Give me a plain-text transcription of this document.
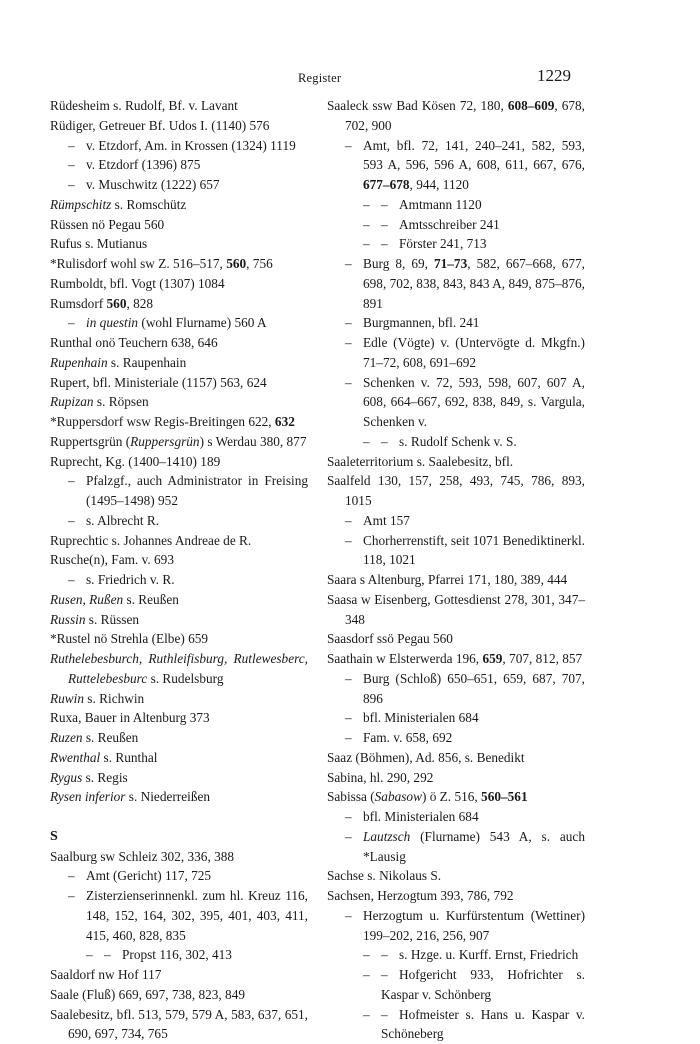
Register	1229

Rüdesheim s. Rudolf, Bf. v. Lavant

Rüdiger, Getreuer Bf. Udos I. (1140) 576

– v. Etzdorf, Am. in Krossen (1324) 1119

– v. Etzdorf (1396) 875

– v. Muschwitz (1222) 657

Rümpschitz s. Romschütz

Rüssen nö Pegau 560

Rufus s. Mutianus

*Rulisdorf wohl sw Z. 516–517, 560, 756

Rumboldt, bfl. Vogt (1307) 1084

Rumsdorf 560, 828

– in questin (wohl Flurname) 560 A

Runthal onö Teuchern 638, 646

Rupenhain s. Raupenhain

Rupert, bfl. Ministeriale (1157) 563, 624

Rupizan s. Röpsen

*Ruppersdorf wsw Regis-Breitingen 622, 632

Ruppertsgrün (Ruppersgrün) s Werdau 380, 877

Ruprecht, Kg. (1400–1410) 189

– Pfalzgf., auch Administrator in Freising (1495–1498) 952

– s. Albrecht R.

Ruprechtic s. Johannes Andreae de R.

Rusche(n), Fam. v. 693

– s. Friedrich v. R.

Rusen, Rußen s. Reußen

Russin s. Rüssen

*Rustel nö Strehla (Elbe) 659

Ruthelebesburch, Ruthleifisburg, Rutlewesberc, Ruttelebesburc s. Rudelsburg

Ruwin s. Richwin

Ruxa, Bauer in Altenburg 373

Ruzen s. Reußen

Rwenthal s. Runthal

Rygus s. Regis

Rysen inferior s. Niederreißen

S

Saalburg sw Schleiz 302, 336, 388

– Amt (Gericht) 117, 725

– Zisterzienserinnenkl. zum hl. Kreuz 116, 148, 152, 164, 302, 395, 401, 403, 411, 415, 460, 828, 835

– – Propst 116, 302, 413

Saaldorf nw Hof 117

Saale (Fluß) 669, 697, 738, 823, 849

Saalebesitz, bfl. 513, 579, 579 A, 583, 637, 651, 690, 697, 734, 765

Saaleck ssw Bad Kösen 72, 180, 608–609, 678, 702, 900

– Amt, bfl. 72, 141, 240–241, 582, 593, 593 A, 596, 596 A, 608, 611, 667, 676, 677–678, 944, 1120

– – Amtmann 1120

– – Amtsschreiber 241

– – Förster 241, 713

– Burg 8, 69, 71–73, 582, 667–668, 677, 698, 702, 838, 843, 843 A, 849, 875–876, 891

– Burgmannen, bfl. 241

– Edle (Vögte) v. (Untervögte d. Mkgfn.) 71–72, 608, 691–692

– Schenken v. 72, 593, 598, 607, 607 A, 608, 664–667, 692, 838, 849, s. Vargula, Schenken v.

– – s. Rudolf Schenk v. S.

Saaleterritorium s. Saalebesitz, bfl.

Saalfeld 130, 157, 258, 493, 745, 786, 893, 1015

– Amt 157

– Chorherrenstift, seit 1071 Benediktinerkl. 118, 1021

Saara s Altenburg, Pfarrei 171, 180, 389, 444

Saasa w Eisenberg, Gottesdienst 278, 301, 347–348

Saasdorf ssö Pegau 560

Saathain w Elsterwerda 196, 659, 707, 812, 857

– Burg (Schloß) 650–651, 659, 687, 707, 896

– bfl. Ministerialen 684

– Fam. v. 658, 692

Saaz (Böhmen), Ad. 856, s. Benedikt

Sabina, hl. 290, 292

Sabissa (Sabasow) ö Z. 516, 560–561

– bfl. Ministerialen 684

– Lautzsch (Flurname) 543 A, s. auch *Lausig

Sachse s. Nikolaus S.

Sachsen, Herzogtum 393, 786, 792

– Herzogtum u. Kurfürstentum (Wettiner) 199–202, 216, 256, 907

– – s. Hzge. u. Kurff. Ernst, Friedrich

– – Hofgericht 933, Hofrichter s. Kaspar v. Schönberg

– – Hofmeister s. Hans u. Kaspar v. Schöneberg
